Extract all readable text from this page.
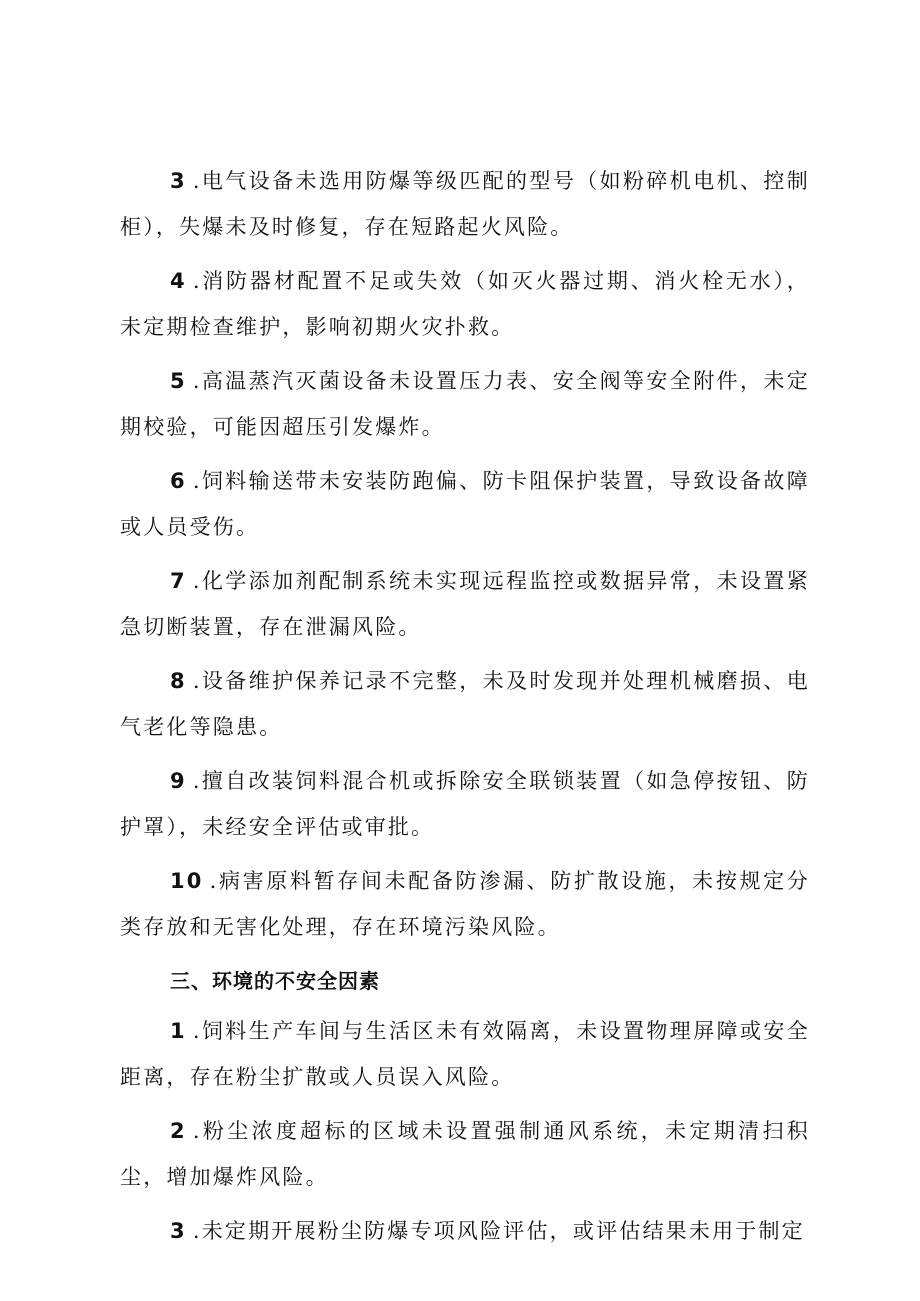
3 .电气设备未选用防爆等级匹配的型号（如粉碎机电机、控制柜），失爆未及时修复，存在短路起火风险。

4 .消防器材配置不足或失效（如灭火器过期、消火栓无水），未定期检查维护，影响初期火灾扑救。

5 .高温蒸汽灭菌设备未设置压力表、安全阀等安全附件，未定期校验，可能因超压引发爆炸。

6 .饲料输送带未安装防跑偏、防卡阻保护装置，导致设备故障或人员受伤。

7 .化学添加剂配制系统未实现远程监控或数据异常，未设置紧急切断装置，存在泄漏风险。

8 .设备维护保养记录不完整，未及时发现并处理机械磨损、电气老化等隐患。

9 .擅自改装饲料混合机或拆除安全联锁装置（如急停按钮、防护罩），未经安全评估或审批。

10 .病害原料暂存间未配备防渗漏、防扩散设施，未按规定分类存放和无害化处理，存在环境污染风险。

三、环境的不安全因素

1 .饲料生产车间与生活区未有效隔离，未设置物理屏障或安全距离，存在粉尘扩散或人员误入风险。

2 .粉尘浓度超标的区域未设置强制通风系统，未定期清扫积尘，增加爆炸风险。

3 .未定期开展粉尘防爆专项风险评估，或评估结果未用于制定
